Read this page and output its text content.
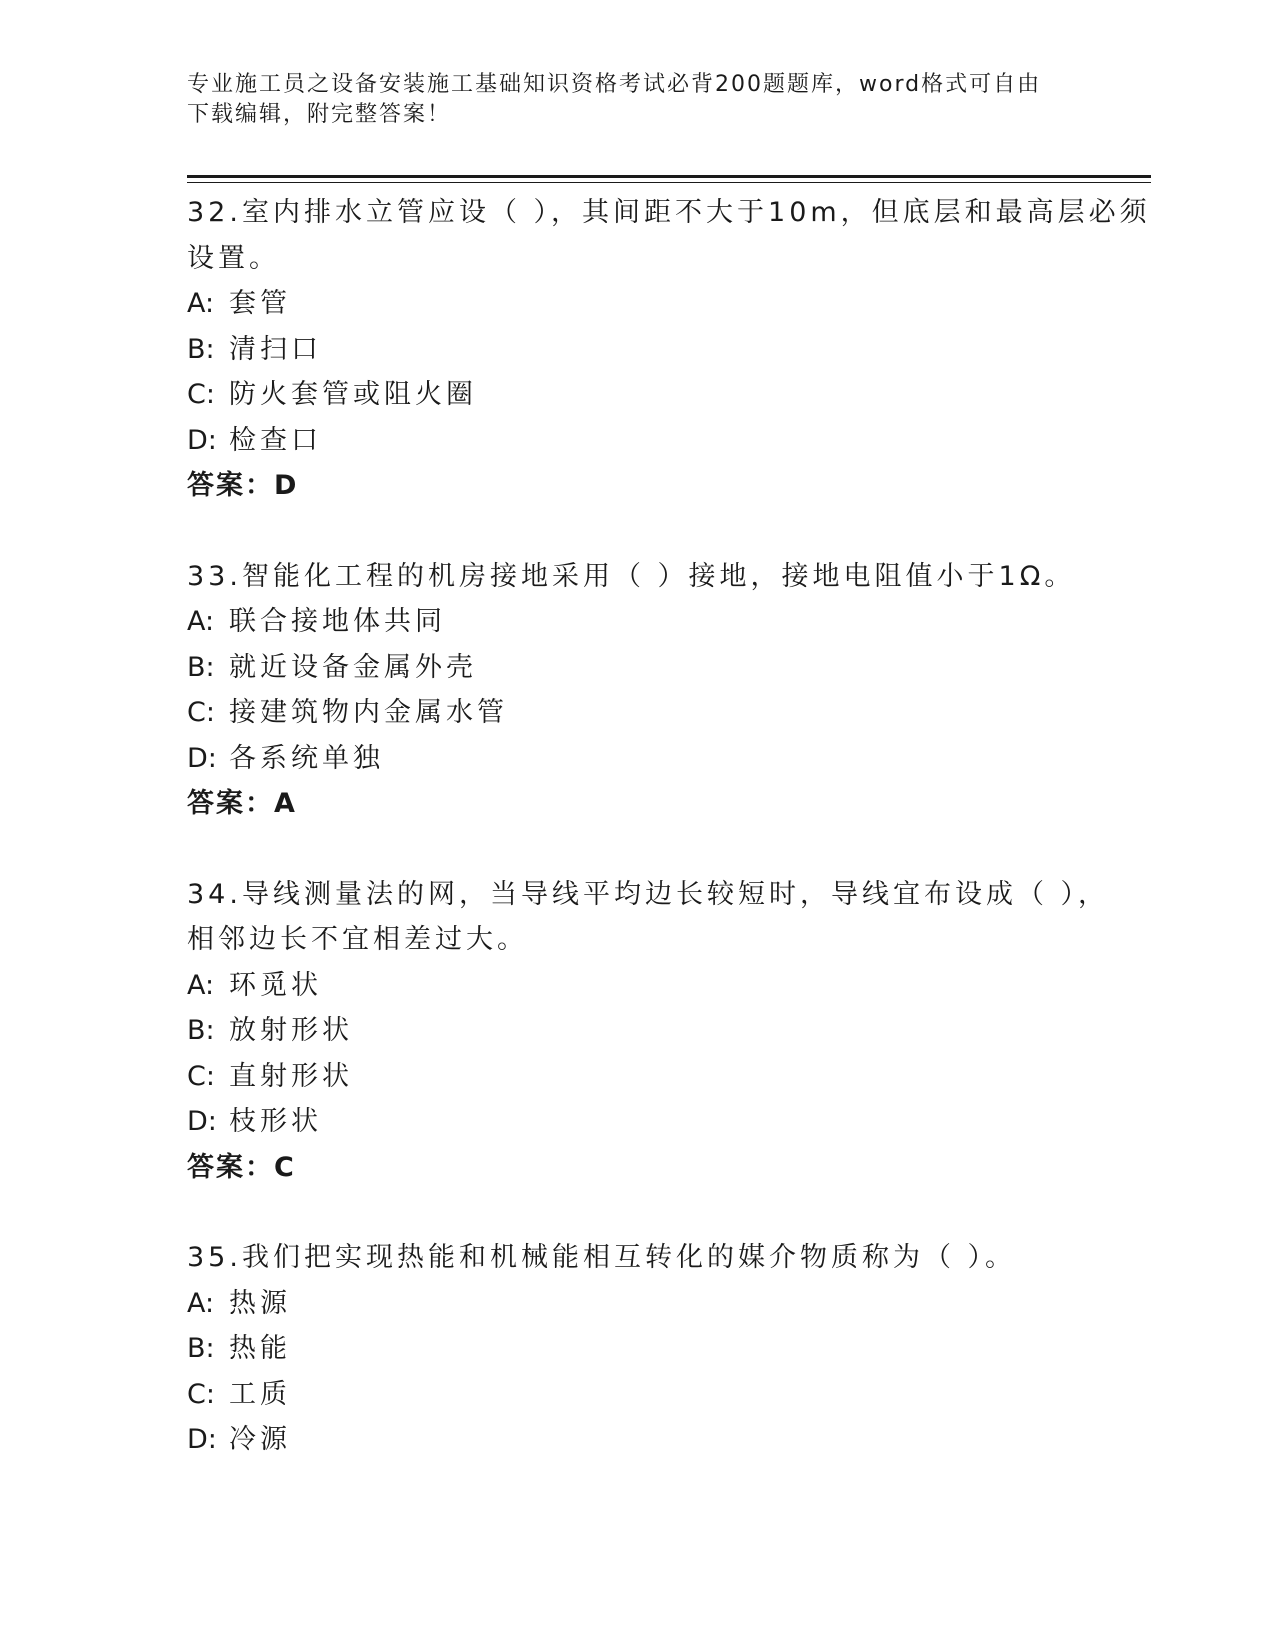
专业施工员之设备安装施工基础知识资格考试必背200题题库，word格式可自由
下载编辑，附完整答案！
32.室内排水立管应设（ ），其间距不大于10m，但底层和最高层必须
设置。
A: 套管
B: 清扫口
C: 防火套管或阻火圈
D: 检查口
答案：D
33.智能化工程的机房接地采用（ ）接地，接地电阻值小于1Ω。
A: 联合接地体共同
B: 就近设备金属外壳
C: 接建筑物内金属水管
D: 各系统单独
答案：A
34.导线测量法的网，当导线平均边长较短时，导线宜布设成（ ），
相邻边长不宜相差过大。
A: 环觅状
B: 放射形状
C: 直射形状
D: 枝形状
答案：C
35.我们把实现热能和机械能相互转化的媒介物质称为（ ）。
A: 热源
B: 热能
C: 工质
D: 冷源
